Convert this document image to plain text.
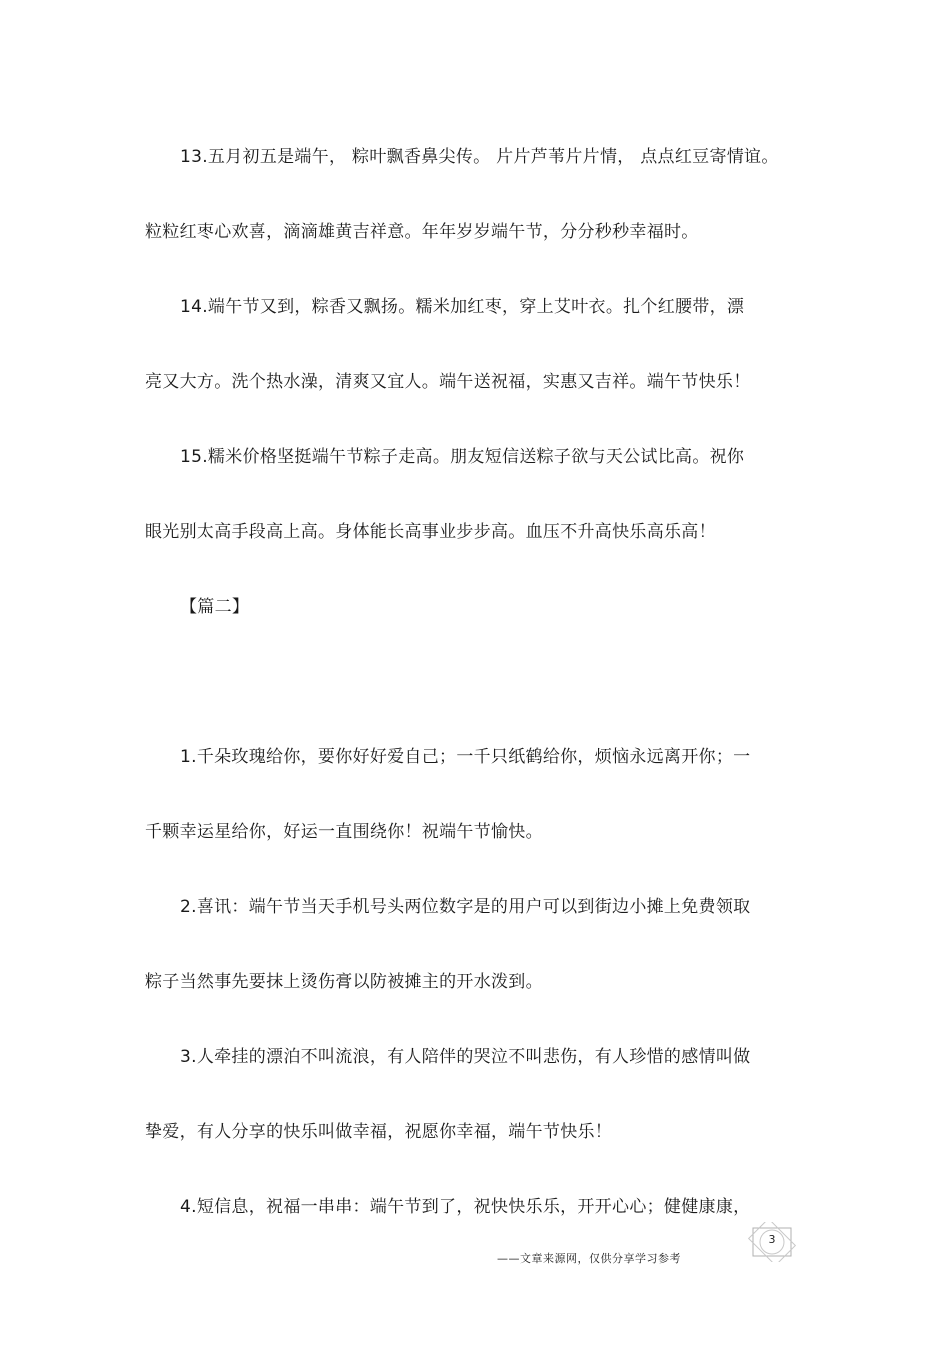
13.五月初五是端午， 粽叶飘香鼻尖传。 片片芦苇片片情， 点点红豆寄情谊。
粒粒红枣心欢喜，滴滴雄黄吉祥意。年年岁岁端午节，分分秒秒幸福时。
14.端午节又到，粽香又飘扬。糯米加红枣，穿上艾叶衣。扎个红腰带，漂
亮又大方。洗个热水澡，清爽又宜人。端午送祝福，实惠又吉祥。端午节快乐！
15.糯米价格坚挺端午节粽子走高。朋友短信送粽子欲与天公试比高。祝你
眼光别太高手段高上高。身体能长高事业步步高。血压不升高快乐高乐高！
【篇二】
1.千朵玫瑰给你，要你好好爱自己；一千只纸鹤给你，烦恼永远离开你；一
千颗幸运星给你，好运一直围绕你！祝端午节愉快。
2.喜讯：端午节当天手机号头两位数字是的用户可以到街边小摊上免费领取
粽子当然事先要抹上烫伤膏以防被摊主的开水泼到。
3.人牵挂的漂泊不叫流浪，有人陪伴的哭泣不叫悲伤，有人珍惜的感情叫做
挚爱，有人分享的快乐叫做幸福，祝愿你幸福，端午节快乐！
4.短信息，祝福一串串：端午节到了，祝快快乐乐，开开心心；健健康康，
——文章来源网，仅供分享学习参考
3
